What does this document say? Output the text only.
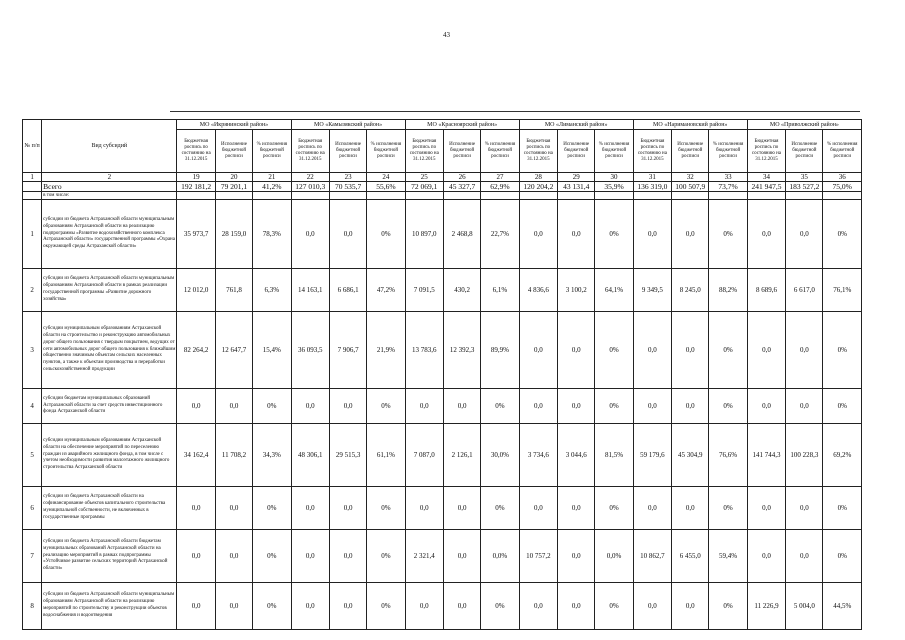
43
№ п/п	Вид субсидий	МО «Икрянинский район»			МО «Камызякский район»			МО «Красноярский район»			МО «Лиманский район»			МО «Наримановский район»			МО «Приволжский район»		
		Бюджетная роспись по состоянию на 31.12.2015	Исполнение бюджетной росписи	% исполнения бюджетной росписи	Бюджетная роспись по состоянию на 31.12.2015	Исполнение бюджетной росписи	% исполнения бюджетной росписи	Бюджетная роспись по состоянию на 31.12.2015	Исполнение бюджетной росписи	% исполнения бюджетной росписи	Бюджетная роспись по состоянию на 31.12.2015	Исполнение бюджетной росписи	% исполнения бюджетной росписи	Бюджетная роспись по состоянию на 31.12.2015	Исполнение бюджетной росписи	% исполнения бюджетной росписи	Бюджетная роспись по состоянию на 31.12.2015	Исполнение бюджетной росписи	% исполнения бюджетной росписи
1	2	19	20	21	22	23	24	25	26	27	28	29	30	31	32	33	34	35	36
	Всего	192 181,2	79 201,1	41,2%	127 010,3	70 535,7	55,6%	72 069,1	45 327,7	62,9%	120 204,2	43 131,4	35,9%	136 319,0	100 507,9	73,7%	241 947,5	183 527,2	75,0%
	в том числе:																		
1	субсидии из бюджета Астраханской области муниципальным образованиям Астраханской области на реализацию подпрограммы «Развитие водохозяйственного комплекса Астраханской области» государственной программы «Охрана окружающей среды Астраханской области»	35 973,7	28 159,0	78,3%	0,0	0,0	0%	10 897,0	2 468,8	22,7%	0,0	0,0	0%	0,0	0,0	0%	0,0	0,0	0%
2	субсидии из бюджета Астраханской области муниципальным образованиям Астраханской области в рамках реализации государственной программы «Развитие дорожного хозяйства»	12 012,0	761,8	6,3%	14 163,1	6 686,1	47,2%	7 091,5	430,2	6,1%	4 836,6	3 100,2	64,1%	9 349,5	8 245,0	88,2%	8 689,6	6 617,0	76,1%
3	субсидии муниципальным образованиям Астраханской области на строительство и реконструкцию автомобильных дорог общего пользования с твердым покрытием, ведущих от сети автомобильных дорог общего пользования к ближайшим общественно значимым объектам сельских населенных пунктов, а также к объектам производства и переработки сельскохозяйственной продукции	82 264,2	12 647,7	15,4%	36 093,5	7 906,7	21,9%	13 783,6	12 392,3	89,9%	0,0	0,0	0%	0,0	0,0	0%	0,0	0,0	0%
4	субсидии бюджетам муниципальных образований Астраханской области за счет средств инвестиционного фонда Астраханской области	0,0	0,0	0%	0,0	0,0	0%	0,0	0,0	0%	0,0	0,0	0%	0,0	0,0	0%	0,0	0,0	0%
5	субсидии муниципальным образованиям Астраханской области на обеспечение мероприятий по переселению граждан из аварийного жилищного фонда, в том числе с учетом необходимости развития малоэтажного жилищного строительства Астраханской области	34 162,4	11 708,2	34,3%	48 306,1	29 515,3	61,1%	7 087,0	2 126,1	30,0%	3 734,6	3 044,6	81,5%	59 179,6	45 304,9	76,6%	141 744,3	100 228,3	69,2%
6	субсидии из бюджета Астраханской области на софинансирование объектов капитального строительства муниципальной собственности, не включенных в государственные программы	0,0	0,0	0%	0,0	0,0	0%	0,0	0,0	0%	0,0	0,0	0%	0,0	0,0	0%	0,0	0,0	0%
7	субсидии из бюджета Астраханской области бюджетам муниципальных образований Астраханской области на реализацию мероприятий в рамках подпрограммы «Устойчивое развитие сельских территорий Астраханской области»	0,0	0,0	0%	0,0	0,0	0%	2 321,4	0,0	0,0%	10 757,2	0,0	0,0%	10 862,7	6 455,0	59,4%	0,0	0,0	0%
8	субсидии из бюджета Астраханской области муниципальным образованиям Астраханской области на реализацию мероприятий по строительству и реконструкции объектов водоснабжения и водоотведения	0,0	0,0	0%	0,0	0,0	0%	0,0	0,0	0%	0,0	0,0	0%	0,0	0,0	0%	11 226,9	5 004,0	44,5%
